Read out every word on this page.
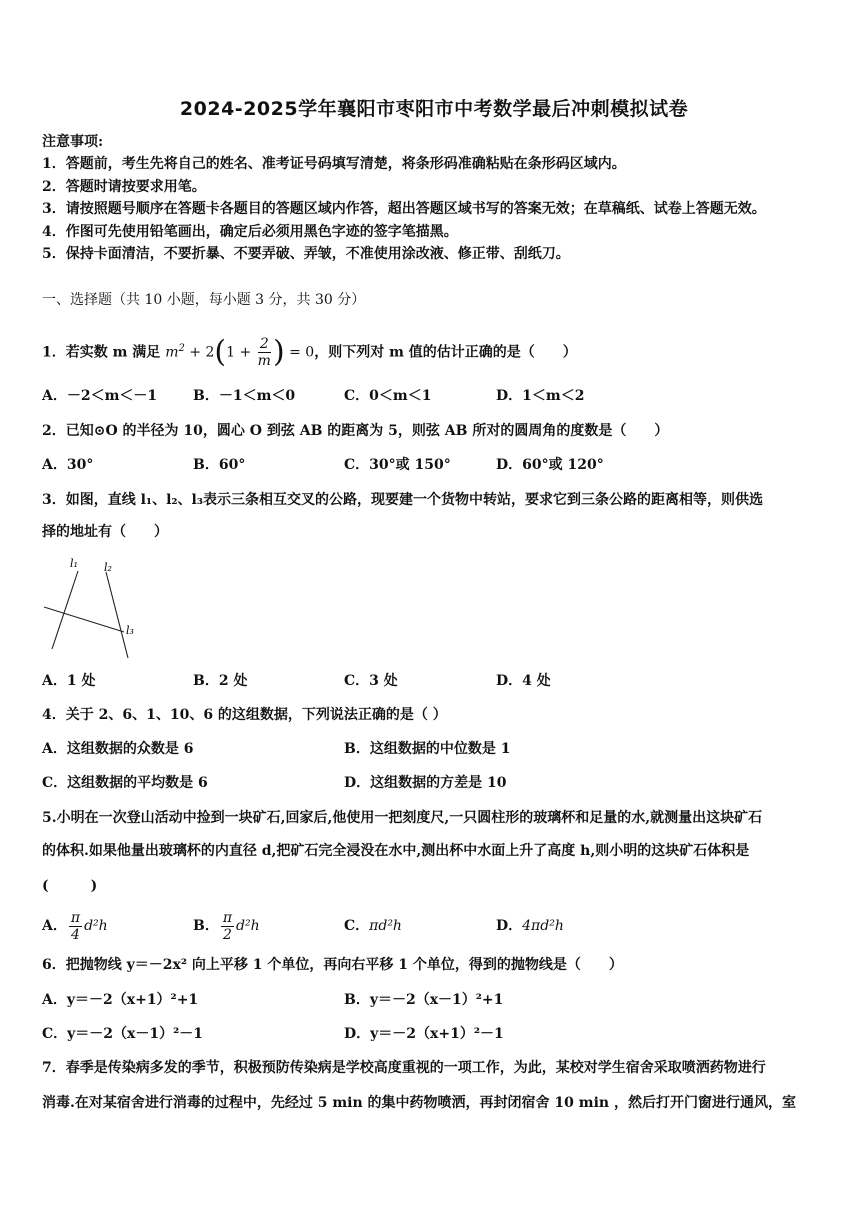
2024-2025学年襄阳市枣阳市中考数学最后冲刺模拟试卷
注意事项:
1．答题前，考生先将自己的姓名、准考证号码填写清楚，将条形码准确粘贴在条形码区域内。
2．答题时请按要求用笔。
3．请按照题号顺序在答题卡各题目的答题区域内作答，超出答题区域书写的答案无效；在草稿纸、试卷上答题无效。
4．作图可先使用铅笔画出，确定后必须用黑色字迹的签字笔描黑。
5．保持卡面清洁，不要折暴、不要弄破、弄皱，不准使用涂改液、修正带、刮纸刀。
一、选择题（共 10 小题，每小题 3 分，共 30 分）
1．若实数 m 满足 $m^2 + 2(1 + \frac{2}{m}$ ) = 0，则下列对 m 值的估计正确的是（　　）
A．－2＜m＜－1	B．－1＜m＜0	C．0＜m＜1	D．1＜m＜2
2．已知⊙O 的半径为 10，圆心 O 到弦 AB 的距离为 5，则弦 AB 所对的圆周角的度数是（　　）
A．30°	B．60°	C．30°或 150°	D．60°或 120°
3．如图，直线 l₁、l₂、l₃表示三条相互交叉的公路，现要建一个货物中转站，要求它到三条公路的距离相等，则供选
择的地址有（　　）
l₁ l₂
l₃
A．1 处	B．2 处	C．3 处	D．4 处
4．关于 2、6、1、10、6 的这组数据，下列说法正确的是（ ）
A．这组数据的众数是 6	B．这组数据的中位数是 1
C．这组数据的平均数是 6	D．这组数据的方差是 10
5.小明在一次登山活动中捡到一块矿石,回家后,他使用一把刻度尺,一只圆柱形的玻璃杯和足量的水,就测量出这块矿石
的体积.如果他量出玻璃杯的内直径 d,把矿石完全浸没在水中,测出杯中水面上升了高度 h,则小明的这块矿石体积是
(　　　)
A． $\frac{\pi}{4} d^2h$	B． $\frac{\pi}{2} d^2h$	C．πd²h	D．4πd²h
6．把抛物线 y＝－2x² 向上平移 1 个单位，再向右平移 1 个单位，得到的抛物线是（　　）
A．y＝－2（x+1）²+1	B．y＝－2（x－1）²+1
C．y＝－2（x－1）²－1	D．y＝－2（x+1）²－1
7．春季是传染病多发的季节，积极预防传染病是学校高度重视的一项工作，为此，某校对学生宿舍采取喷洒药物进行
消毒.在对某宿舍进行消毒的过程中，先经过 5 min 的集中药物喷洒，再封闭宿舍 10 min ，然后打开门窗进行通风，室
